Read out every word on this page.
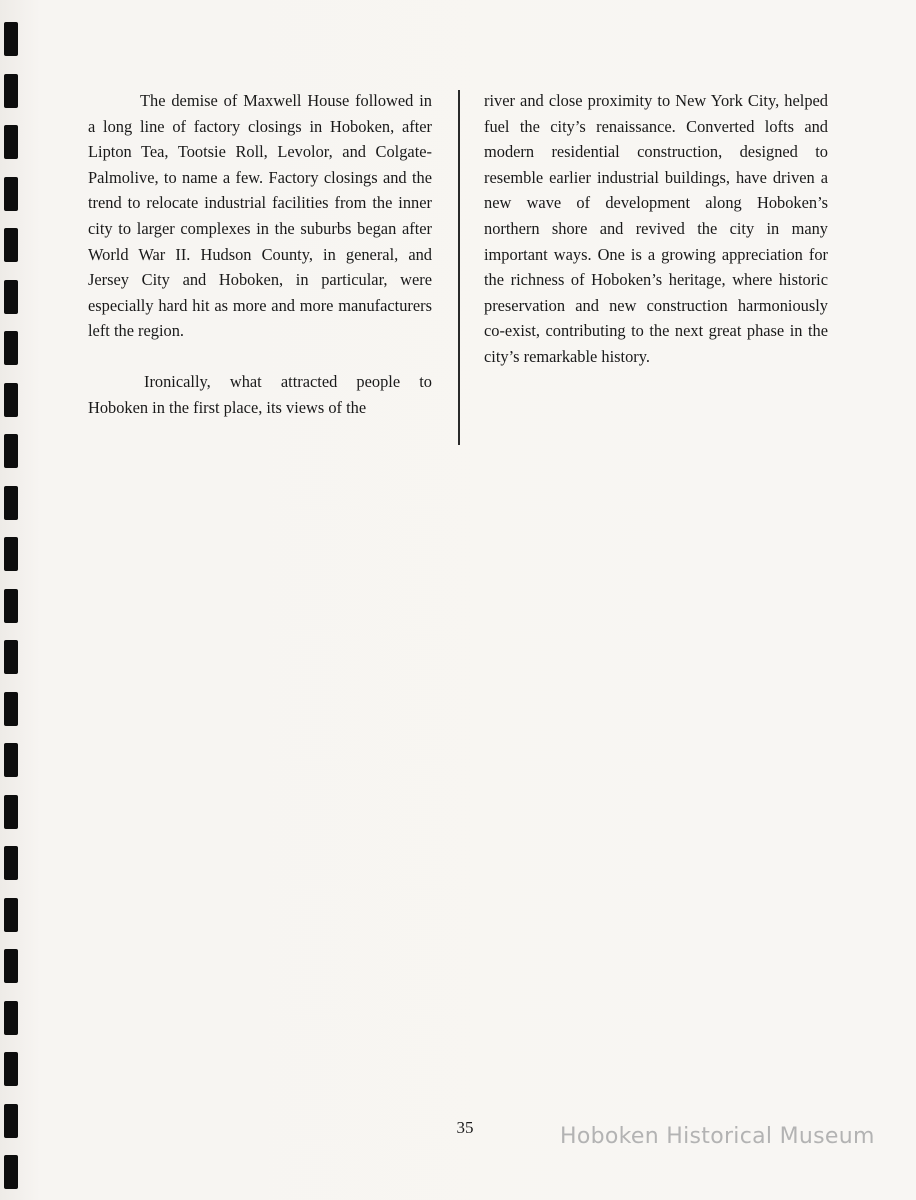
The demise of Maxwell House followed in a long line of factory closings in Hoboken, after Lipton Tea, Tootsie Roll, Levolor, and Colgate-Palmolive, to name a few. Factory closings and the trend to relocate industrial facilities from the inner city to larger complexes in the suburbs began after World War II. Hudson County, in general, and Jersey City and Hoboken, in particular, were especially hard hit as more and more manufacturers left the region.

Ironically, what attracted people to Hoboken in the first place, its views of the

river and close proximity to New York City, helped fuel the city’s renaissance. Converted lofts and modern residential construction, designed to resemble earlier industrial buildings, have driven a new wave of development along Hoboken’s northern shore and revived the city in many important ways. One is a growing appreciation for the richness of Hoboken’s heritage, where historic preservation and new construction harmoniously co-exist, contributing to the next great phase in the city’s remarkable history.

35	Hoboken Historical Museum
